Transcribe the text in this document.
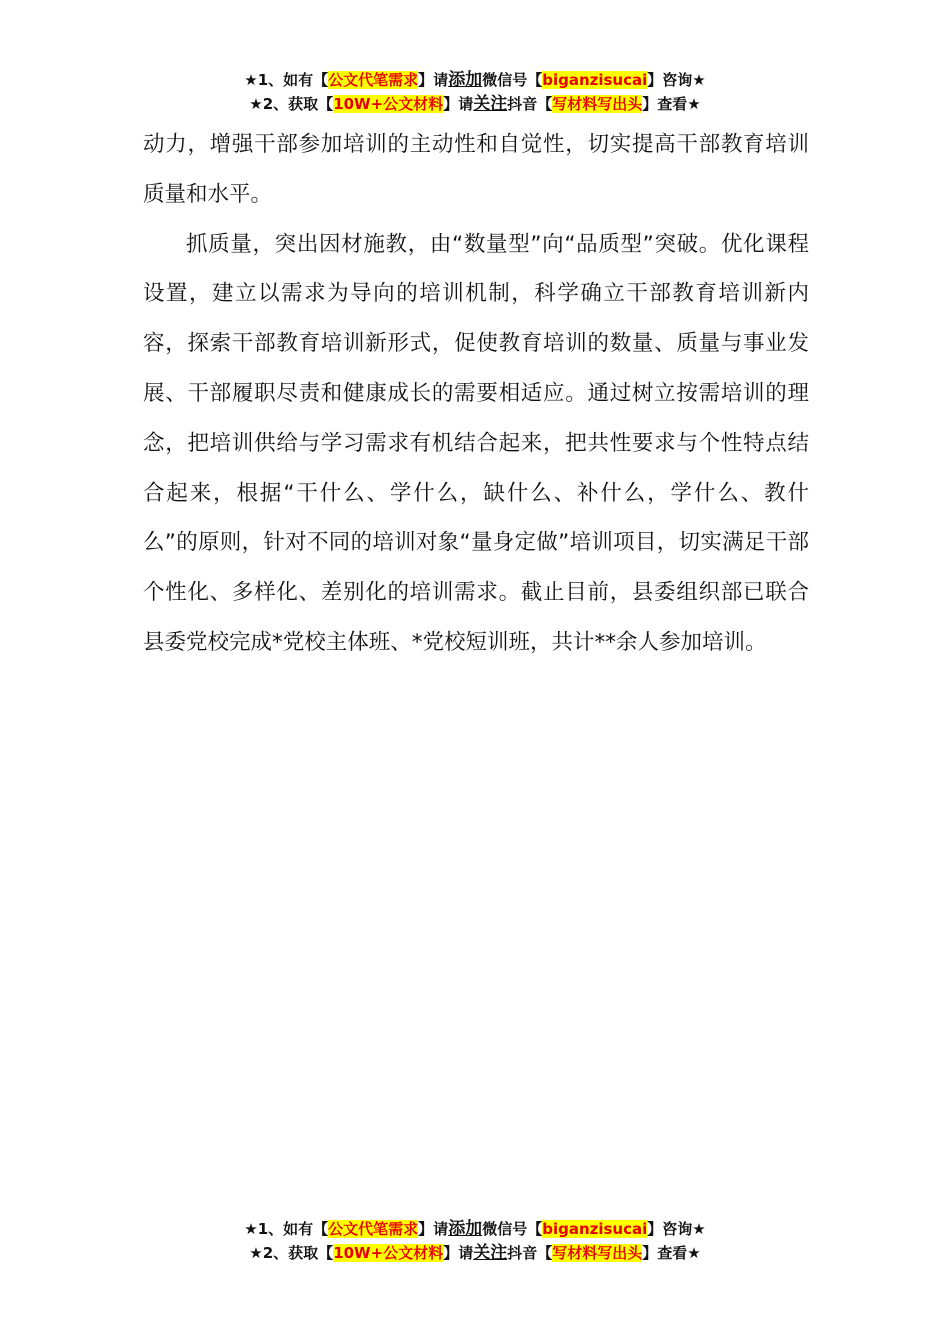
★1、如有【公文代笔需求】请添加微信号【biganzisucai】咨询★
★2、获取【10W+公文材料】请关注抖音【写材料写出头】查看★

动力，增强干部参加培训的主动性和自觉性，切实提高干部教育培训质量和水平。

抓质量，突出因材施教，由“数量型”向“品质型”突破。优化课程设置，建立以需求为导向的培训机制，科学确立干部教育培训新内容，探索干部教育培训新形式，促使教育培训的数量、质量与事业发展、干部履职尽责和健康成长的需要相适应。通过树立按需培训的理念，把培训供给与学习需求有机结合起来，把共性要求与个性特点结合起来，根据“干什么、学什么，缺什么、补什么，学什么、教什么”的原则，针对不同的培训对象“量身定做”培训项目，切实满足干部个性化、多样化、差别化的培训需求。截止目前，县委组织部已联合县委党校完成*党校主体班、*党校短训班，共计**余人参加培训。

★1、如有【公文代笔需求】请添加微信号【biganzisucai】咨询★
★2、获取【10W+公文材料】请关注抖音【写材料写出头】查看★
